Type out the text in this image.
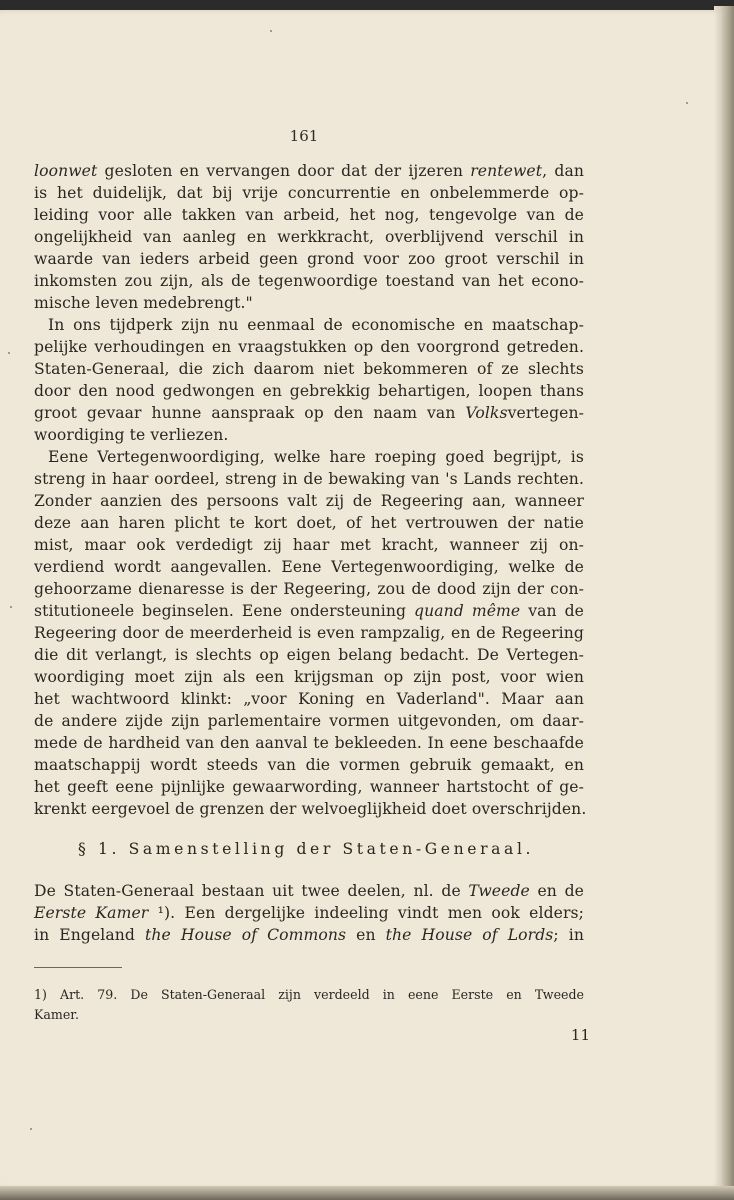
161
loonwet gesloten en vervangen door dat der ijzeren rentewet, dan
is het duidelijk, dat bij vrije concurrentie en onbelemmerde op-
leiding voor alle takken van arbeid, het nog, tengevolge van de
ongelijkheid van aanleg en werkkracht, overblijvend verschil in
waarde van ieders arbeid geen grond voor zoo groot verschil in
inkomsten zou zijn, als de tegenwoordige toestand van het econo-
mische leven medebrengt."
In ons tijdperk zijn nu eenmaal de economische en maatschap-
pelijke verhoudingen en vraagstukken op den voorgrond getreden.
Staten-Generaal, die zich daarom niet bekommeren of ze slechts
door den nood gedwongen en gebrekkig behartigen, loopen thans
groot gevaar hunne aanspraak op den naam van Volksvertegen-
woordiging te verliezen.
Eene Vertegenwoordiging, welke hare roeping goed begrijpt, is
streng in haar oordeel, streng in de bewaking van 's Lands rechten.
Zonder aanzien des persoons valt zij de Regeering aan, wanneer
deze aan haren plicht te kort doet, of het vertrouwen der natie
mist, maar ook verdedigt zij haar met kracht, wanneer zij on-
verdiend wordt aangevallen. Eene Vertegenwoordiging, welke de
gehoorzame dienaresse is der Regeering, zou de dood zijn der con-
stitutioneele beginselen. Eene ondersteuning quand même van de
Regeering door de meerderheid is even rampzalig, en de Regeering
die dit verlangt, is slechts op eigen belang bedacht. De Vertegen-
woordiging moet zijn als een krijgsman op zijn post, voor wien
het wachtwoord klinkt: „voor Koning en Vaderland". Maar aan
de andere zijde zijn parlementaire vormen uitgevonden, om daar-
mede de hardheid van den aanval te bekleeden. In eene beschaafde
maatschappij wordt steeds van die vormen gebruik gemaakt, en
het geeft eene pijnlijke gewaarwording, wanneer hartstocht of ge-
krenkt eergevoel de grenzen der welvoeglijkheid doet overschrijden.
§ 1. Samenstelling der Staten-Generaal.
De Staten-Generaal bestaan uit twee deelen, nl. de Tweede en de
Eerste Kamer ¹). Een dergelijke indeeling vindt men ook elders;
in Engeland the House of Commons en the House of Lords; in
1) Art. 79. De Staten-Generaal zijn verdeeld in eene Eerste en Tweede
Kamer.
11
